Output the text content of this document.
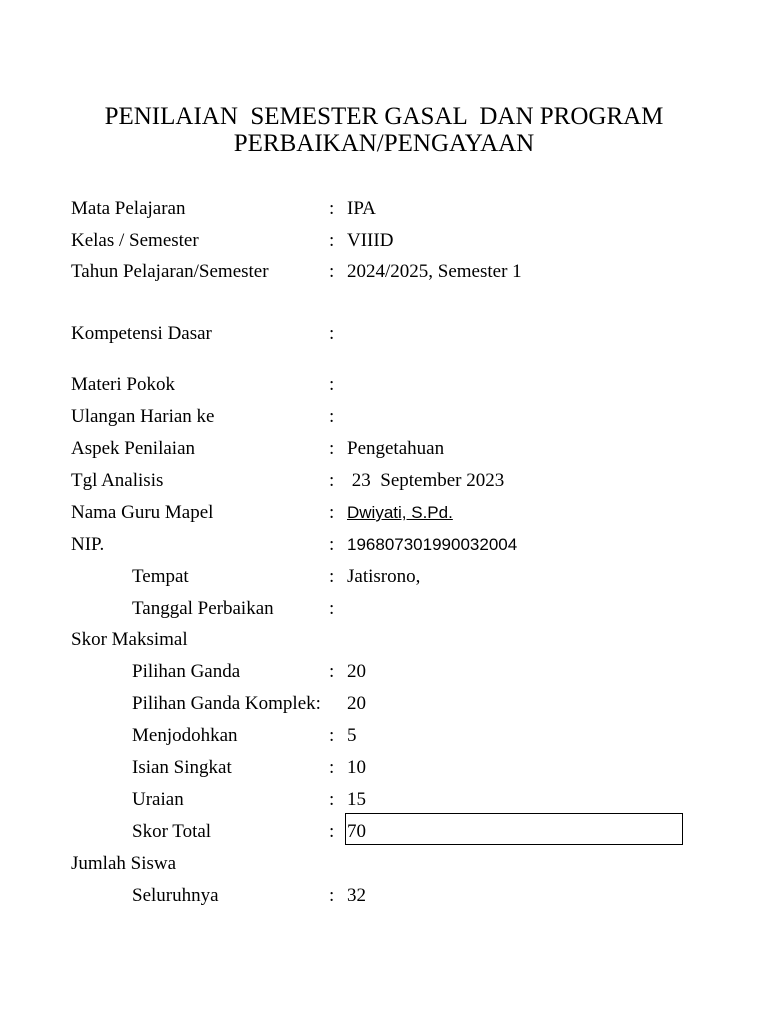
PENILAIAN  SEMESTER GASAL  DAN PROGRAM
PERBAIKAN/PENGAYAAN
Mata Pelajaran	: IPA
Kelas / Semester	: VIIID
Tahun Pelajaran/Semester	: 2024/2025, Semester 1
Kompetensi Dasar	:
Materi Pokok	:
Ulangan Harian ke	:
Aspek Penilaian	: Pengetahuan
Tgl Analisis	: 23  September 2023
Nama Guru Mapel	: Dwiyati, S.Pd.
NIP.	: 196807301990032004
Tempat	: Jatisrono,
Tanggal Perbaikan	:
Skor Maksimal
Pilihan Ganda	: 20
Pilihan Ganda Komplek: 20
Menjodohkan	: 5
Isian Singkat	: 10
Uraian	: 15
Skor Total	: 70
Jumlah Siswa
Seluruhnya	: 32
